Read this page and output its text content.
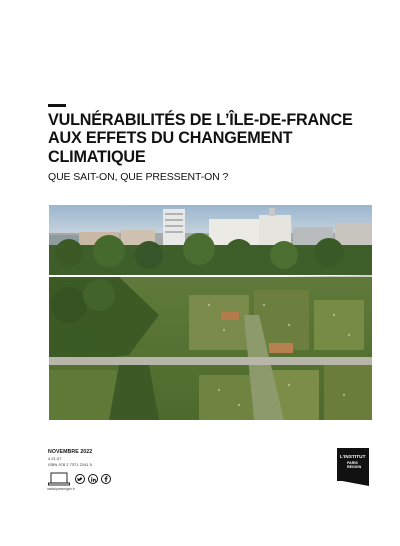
VULNÉRABILITÉS DE L’ÎLE-DE-FRANCE
AUX EFFETS DU CHANGEMENT
CLIMATIQUE
QUE SAIT-ON, QUE PRESSENT-ON ?
NOVEMBRE 2022
4.21.07
ISBN 978 2 7371 2241 5
institutparisregion.fr
L’INSTITUT
PARIS
REGION
